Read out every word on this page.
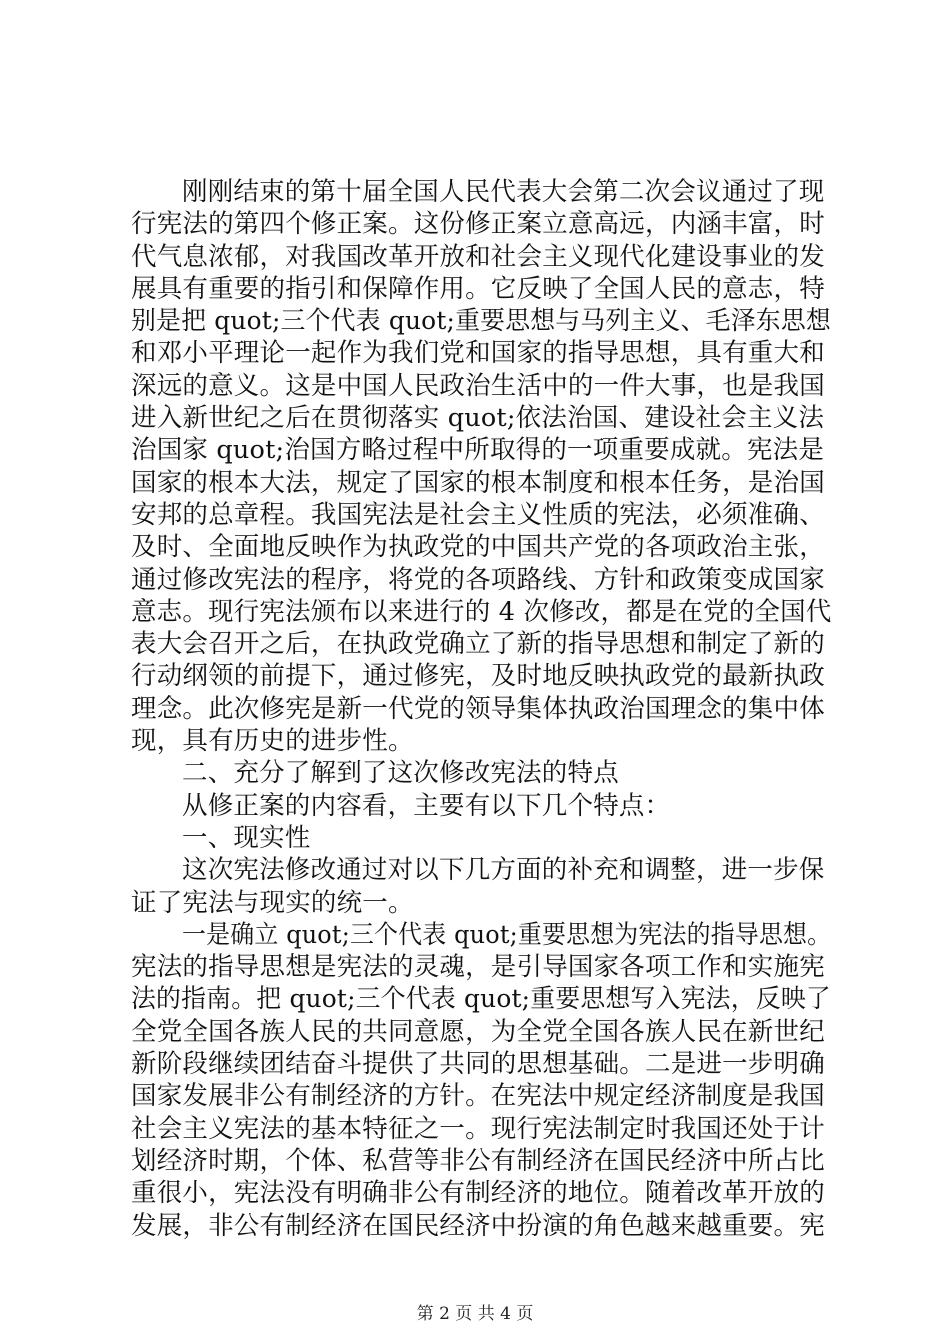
刚刚结束的第十届全国人民代表大会第二次会议通过了现
行宪法的第四个修正案。这份修正案立意高远，内涵丰富，时
代气息浓郁，对我国改革开放和社会主义现代化建设事业的发
展具有重要的指引和保障作用。它反映了全国人民的意志，特
别是把 quot;三个代表 quot;重要思想与马列主义、毛泽东思想
和邓小平理论一起作为我们党和国家的指导思想，具有重大和
深远的意义。这是中国人民政治生活中的一件大事，也是我国
进入新世纪之后在贯彻落实 quot;依法治国、建设社会主义法
治国家 quot;治国方略过程中所取得的一项重要成就。宪法是
国家的根本大法，规定了国家的根本制度和根本任务，是治国
安邦的总章程。我国宪法是社会主义性质的宪法，必须准确、
及时、全面地反映作为执政党的中国共产党的各项政治主张，
通过修改宪法的程序，将党的各项路线、方针和政策变成国家
意志。现行宪法颁布以来进行的 4 次修改，都是在党的全国代
表大会召开之后，在执政党确立了新的指导思想和制定了新的
行动纲领的前提下，通过修宪，及时地反映执政党的最新执政
理念。此次修宪是新一代党的领导集体执政治国理念的集中体
现，具有历史的进步性。
二、充分了解到了这次修改宪法的特点
从修正案的内容看，主要有以下几个特点：
一、现实性
这次宪法修改通过对以下几方面的补充和调整，进一步保
证了宪法与现实的统一。
一是确立 quot;三个代表 quot;重要思想为宪法的指导思想。
宪法的指导思想是宪法的灵魂，是引导国家各项工作和实施宪
法的指南。把 quot;三个代表 quot;重要思想写入宪法，反映了
全党全国各族人民的共同意愿，为全党全国各族人民在新世纪
新阶段继续团结奋斗提供了共同的思想基础。二是进一步明确
国家发展非公有制经济的方针。在宪法中规定经济制度是我国
社会主义宪法的基本特征之一。现行宪法制定时我国还处于计
划经济时期，个体、私营等非公有制经济在国民经济中所占比
重很小，宪法没有明确非公有制经济的地位。随着改革开放的
发展，非公有制经济在国民经济中扮演的角色越来越重要。宪
第 2 页 共 4 页
